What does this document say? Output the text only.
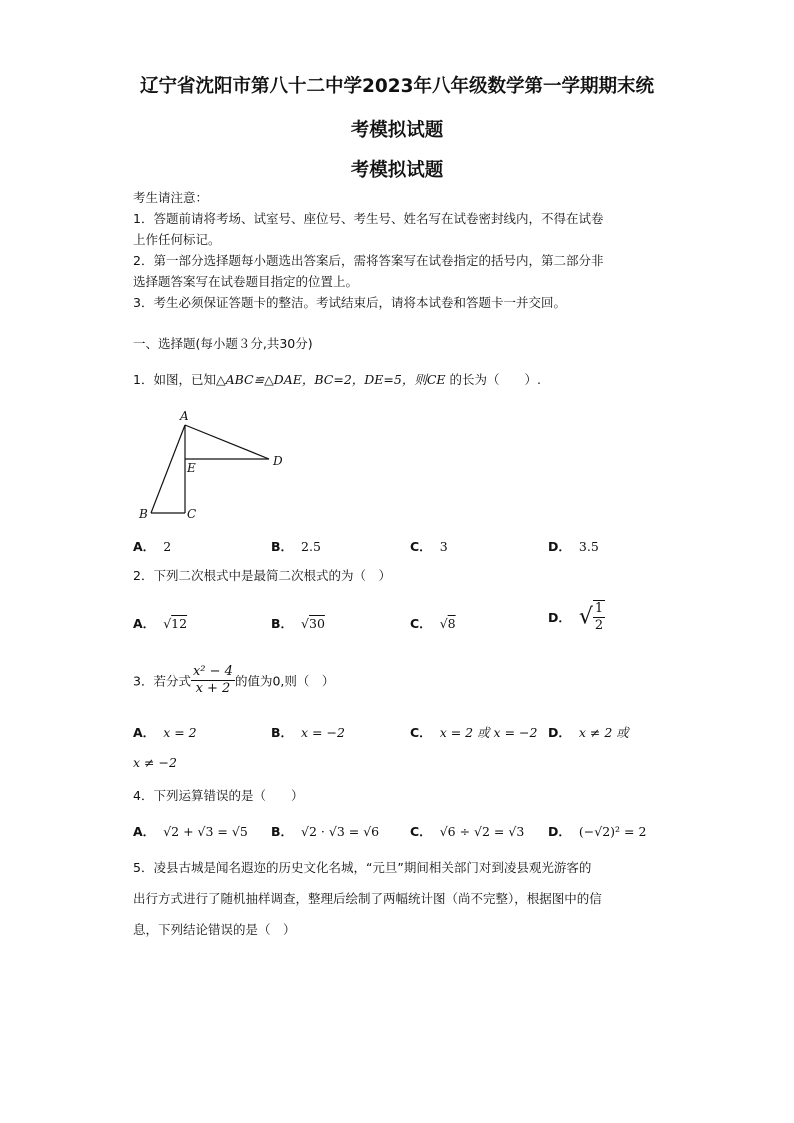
辽宁省沈阳市第八十二中学2023年八年级数学第一学期期末统
考模拟试题
考模拟试题
考生请注意：
1．答题前请将考场、试室号、座位号、考生号、姓名写在试卷密封线内，不得在试卷
上作任何标记。
2．第一部分选择题每小题选出答案后，需将答案写在试卷指定的括号内，第二部分非
选择题答案写在试卷题目指定的位置上。
3．考生必须保证答题卡的整洁。考试结束后，请将本试卷和答题卡一并交回。
一、选择题(每小题３分,共30分)
1．如图，已知△ABC≌△DAE，BC=2，DE=5，则CE 的长为（　　）.
A
B	C
D
E
A． 2	B． 2.5	C． 3	D． 3.5
2．下列二次根式中是最简二次根式的为（　）
A． √12	B． √30	C． √8	D． √ $\frac{1}{2}$
3．若分式 $\frac{\text{x² − 4}}{x + 2}$ 的值为0,则（　）
A． x = 2	B． x = −2	C． x = 2 或 x = −2 D． x ≠ 2 或
x ≠ −2
4．下列运算错误的是（　　）
A． √2 + √3 = √5 B． √2 · √3 = √6 C． √6 ÷ √2 = √3 D． (−√2)² = 2
5．凌县古城是闻名遐迩的历史文化名城，“元旦”期间相关部门对到凌县观光游客的
出行方式进行了随机抽样调查，整理后绘制了两幅统计图（尚不完整），根据图中的信
息，下列结论错误的是（　）
